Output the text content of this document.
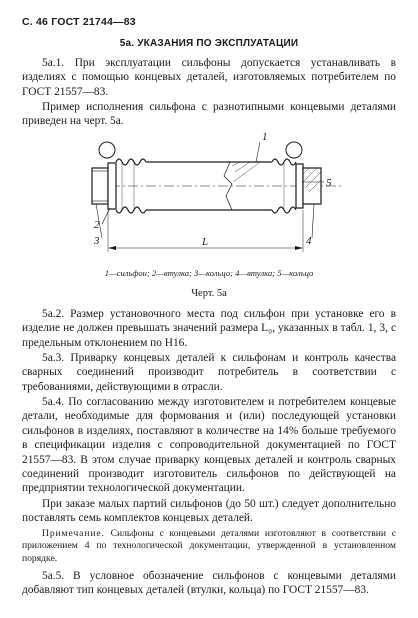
С. 46 ГОСТ 21744—83
5а. УКАЗАНИЯ ПО ЭКСПЛУАТАЦИИ

5а.1. При эксплуатации сильфоны допускается устанавливать в изделиях с помощью концевых деталей, изготовляемых потребителем по ГОСТ 21557—83.

Пример исполнения сильфона с разнотипными концевыми деталями приведен на черт. 5а.

1
2
3	4
5
L
1—сильфон; 2—втулка; 3—кольцо; 4—втулка; 5—кольцо
Черт. 5а

5а.2. Размер установочного места под сильфон при установке его в изделие не должен превышать значений размера L₀, указанных в табл. 1, 3, с предельным отклонением по Н16.

5а.3. Приварку концевых деталей к сильфонам и контроль качества сварных соединений производит потребитель в соответствии с требованиями, действующими в отрасли.

5а.4. По согласованию между изготовителем и потребителем концевые детали, необходимые для формования и (или) последующей установки сильфонов в изделиях, поставляют в количестве на 14% больше требуемого в спецификации изделия с сопроводительной документацией по ГОСТ 21557—83. В этом случае приварку концевых деталей и контроль сварных соединений производит изготовитель сильфонов по действующей на предприятии технологической документации.

При заказе малых партий сильфонов (до 50 шт.) следует дополнительно поставлять семь комплектов концевых деталей.

Примечание. Сильфоны с концевыми деталями изготовляют в соответствии с приложением 4 по технологической документации, утвержденной в установленном порядке.

5а.5. В условное обозначение сильфонов с концевыми деталями добавляют тип концевых деталей (втулки, кольца) по ГОСТ 21557—83.
